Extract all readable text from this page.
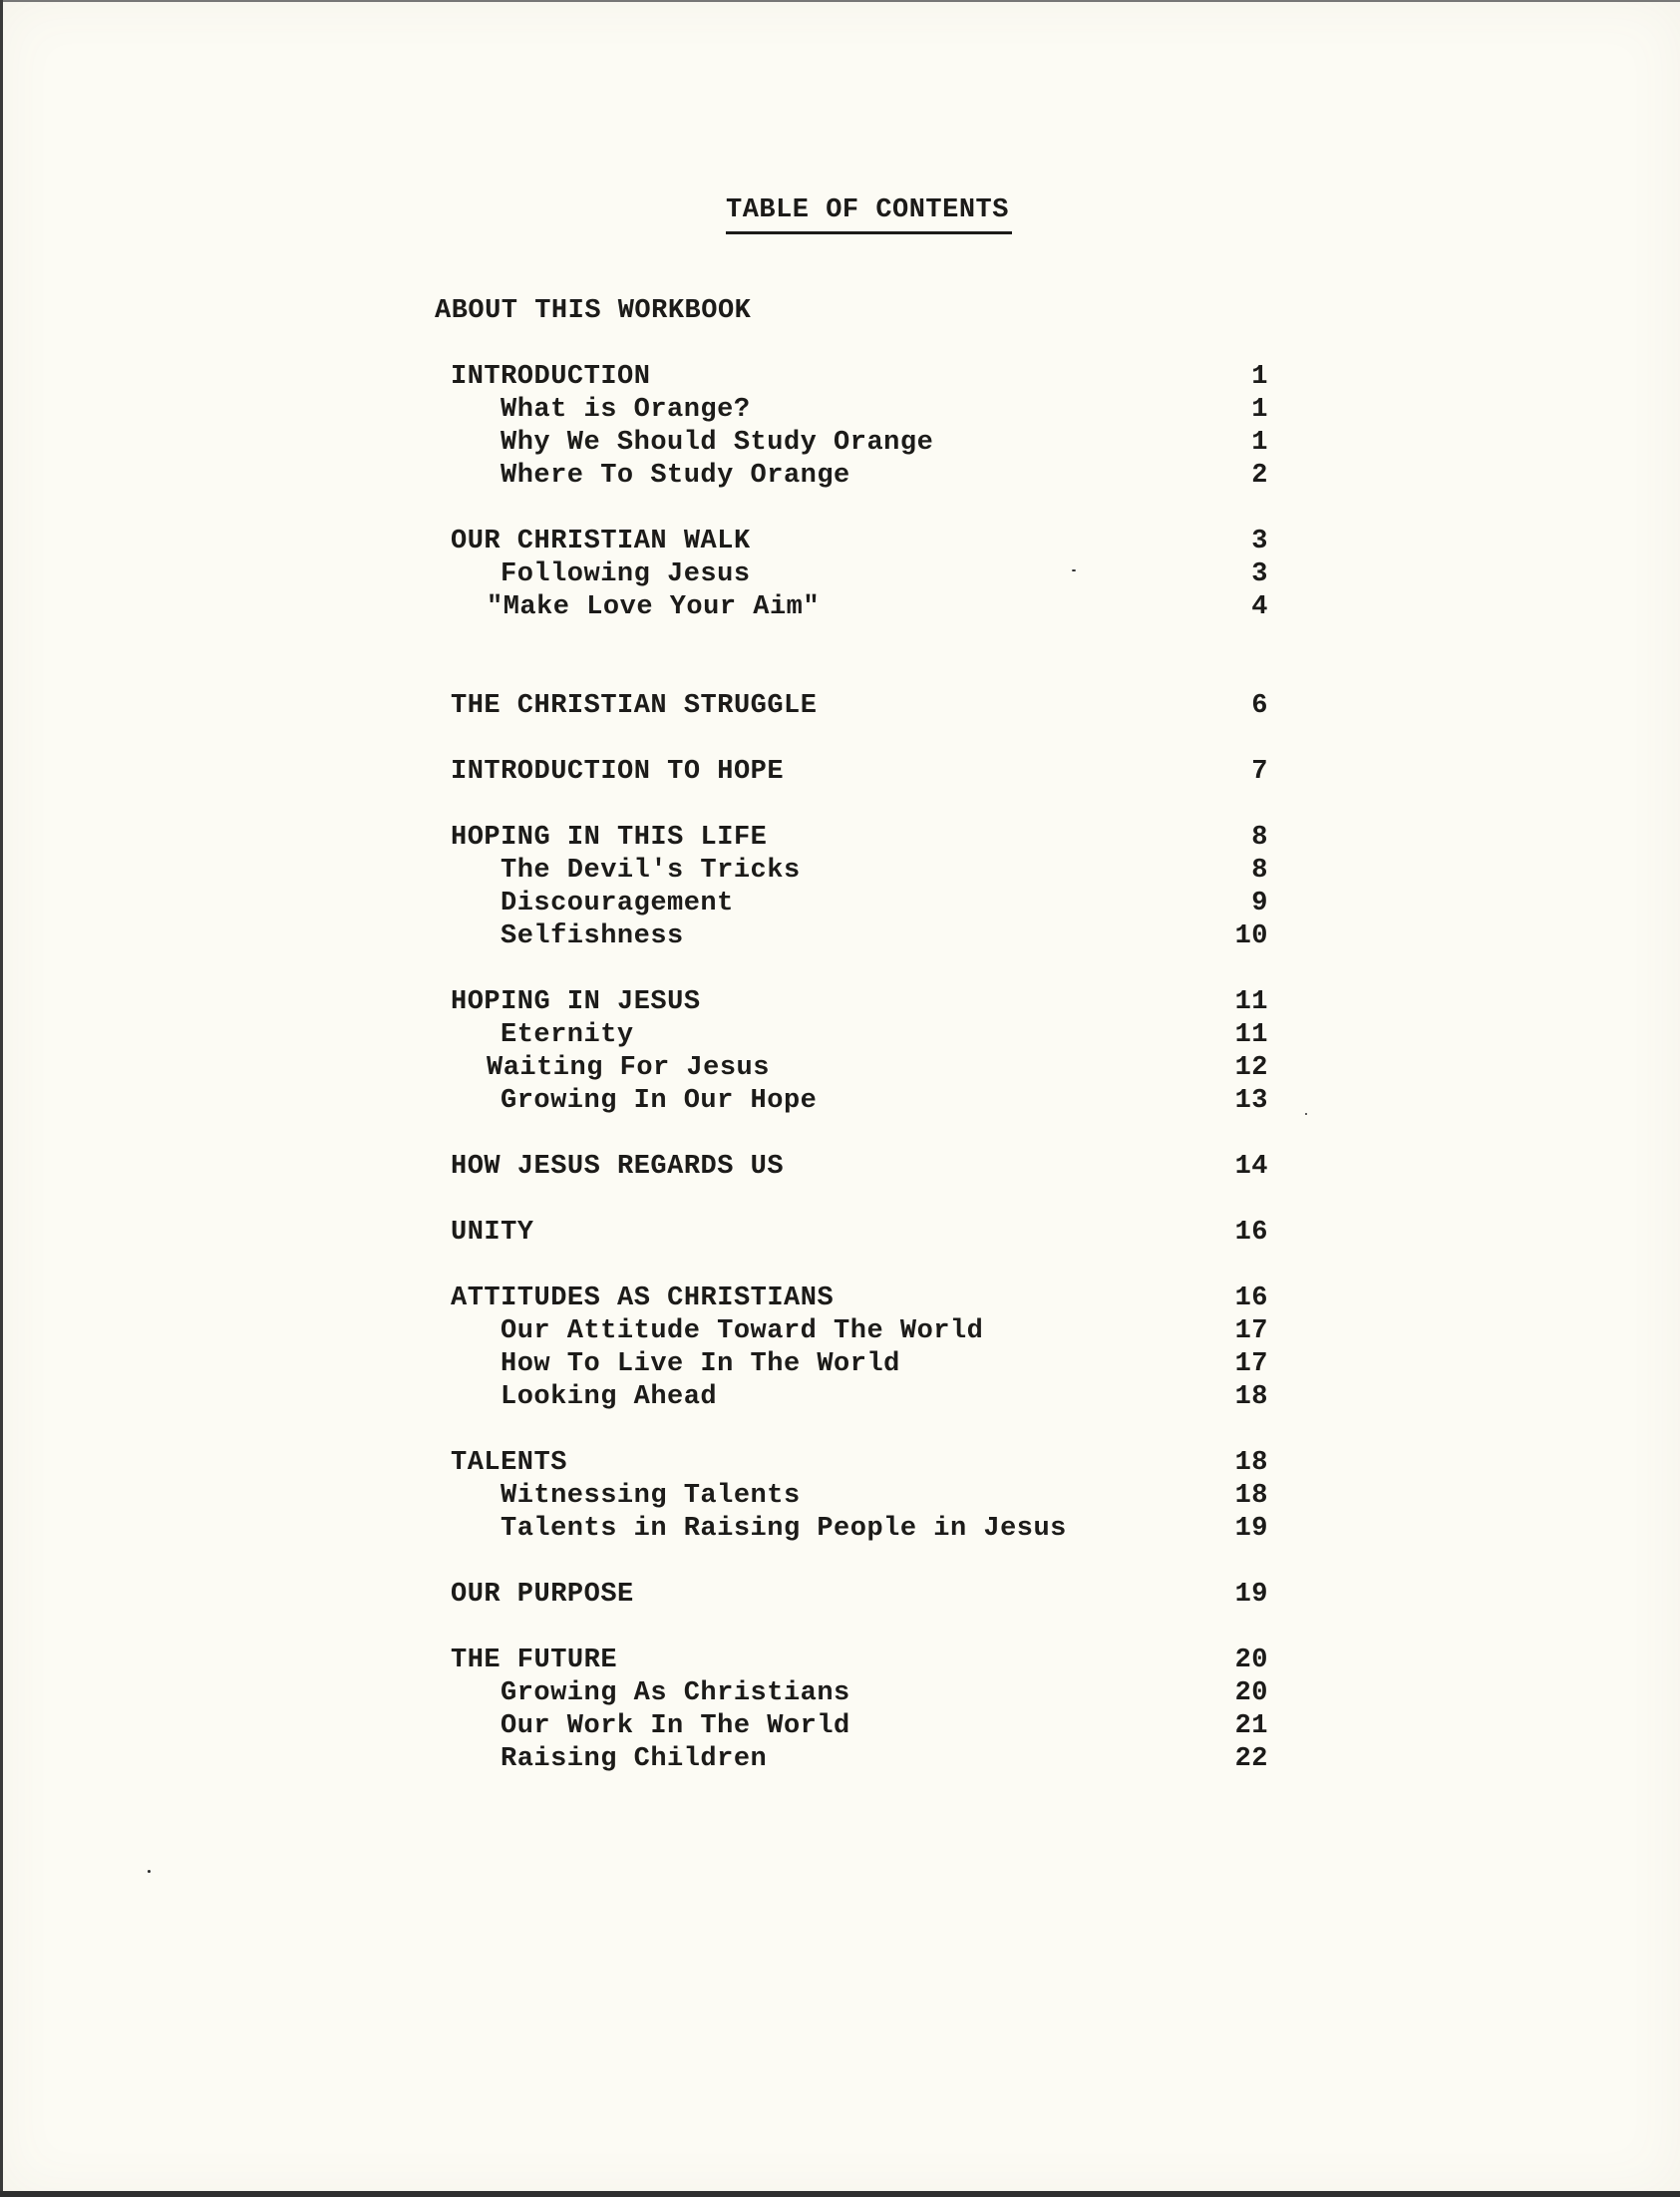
TABLE OF CONTENTS
ABOUT THIS WORKBOOK
INTRODUCTION	1
What is Orange?	1
Why We Should Study Orange	1
Where To Study Orange	2
OUR CHRISTIAN WALK	3
Following Jesus	3
"Make Love Your Aim"	4
THE CHRISTIAN STRUGGLE	6
INTRODUCTION TO HOPE	7
HOPING IN THIS LIFE	8
The Devil's Tricks	8
Discouragement	9
Selfishness	10
HOPING IN JESUS	11
Eternity	11
Waiting For Jesus	12
Growing In Our Hope	13
HOW JESUS REGARDS US	14
UNITY	16
ATTITUDES AS CHRISTIANS	16
Our Attitude Toward The World	17
How To Live In The World	17
Looking Ahead	18
TALENTS	18
Witnessing Talents	18
Talents in Raising People in Jesus	19
OUR PURPOSE	19
THE FUTURE	20
Growing As Christians	20
Our Work In The World	21
Raising Children	22
